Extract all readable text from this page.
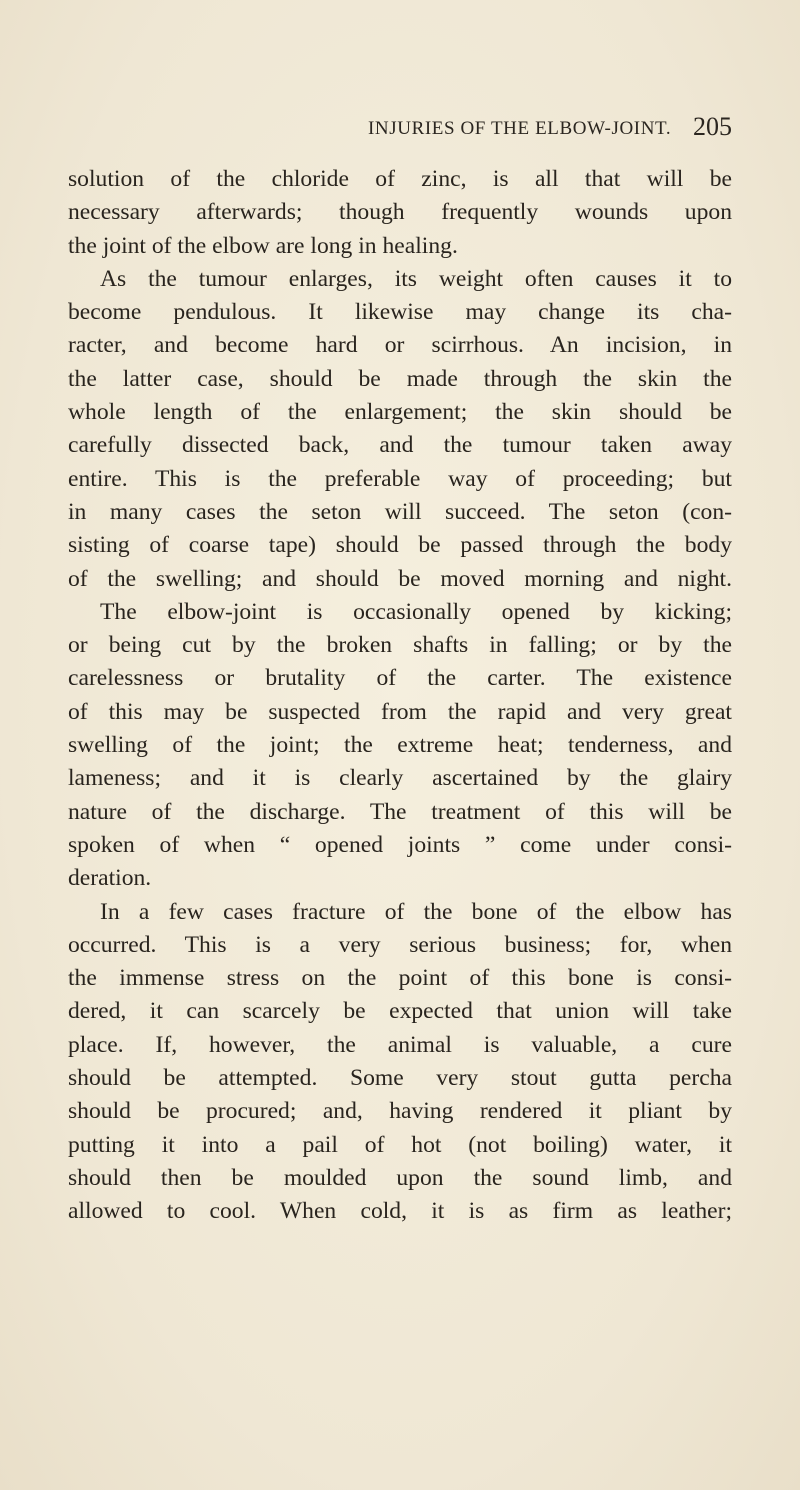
INJURIES OF THE ELBOW-JOINT. 205
solution of the chloride of zinc, is all that will be
necessary afterwards; though frequently wounds upon
the joint of the elbow are long in healing.
As the tumour enlarges, its weight often causes it to
become pendulous. It likewise may change its cha-
racter, and become hard or scirrhous. An incision, in
the latter case, should be made through the skin the
whole length of the enlargement; the skin should be
carefully dissected back, and the tumour taken away
entire. This is the preferable way of proceeding; but
in many cases the seton will succeed. The seton (con-
sisting of coarse tape) should be passed through the body
of the swelling; and should be moved morning and night.
The elbow-joint is occasionally opened by kicking;
or being cut by the broken shafts in falling; or by the
carelessness or brutality of the carter. The existence
of this may be suspected from the rapid and very great
swelling of the joint; the extreme heat; tenderness, and
lameness; and it is clearly ascertained by the glairy
nature of the discharge. The treatment of this will be
spoken of when “ opened joints ” come under consi-
deration.
In a few cases fracture of the bone of the elbow has
occurred. This is a very serious business; for, when
the immense stress on the point of this bone is consi-
dered, it can scarcely be expected that union will take
place. If, however, the animal is valuable, a cure
should be attempted. Some very stout gutta percha
should be procured; and, having rendered it pliant by
putting it into a pail of hot (not boiling) water, it
should then be moulded upon the sound limb, and
allowed to cool. When cold, it is as firm as leather;
